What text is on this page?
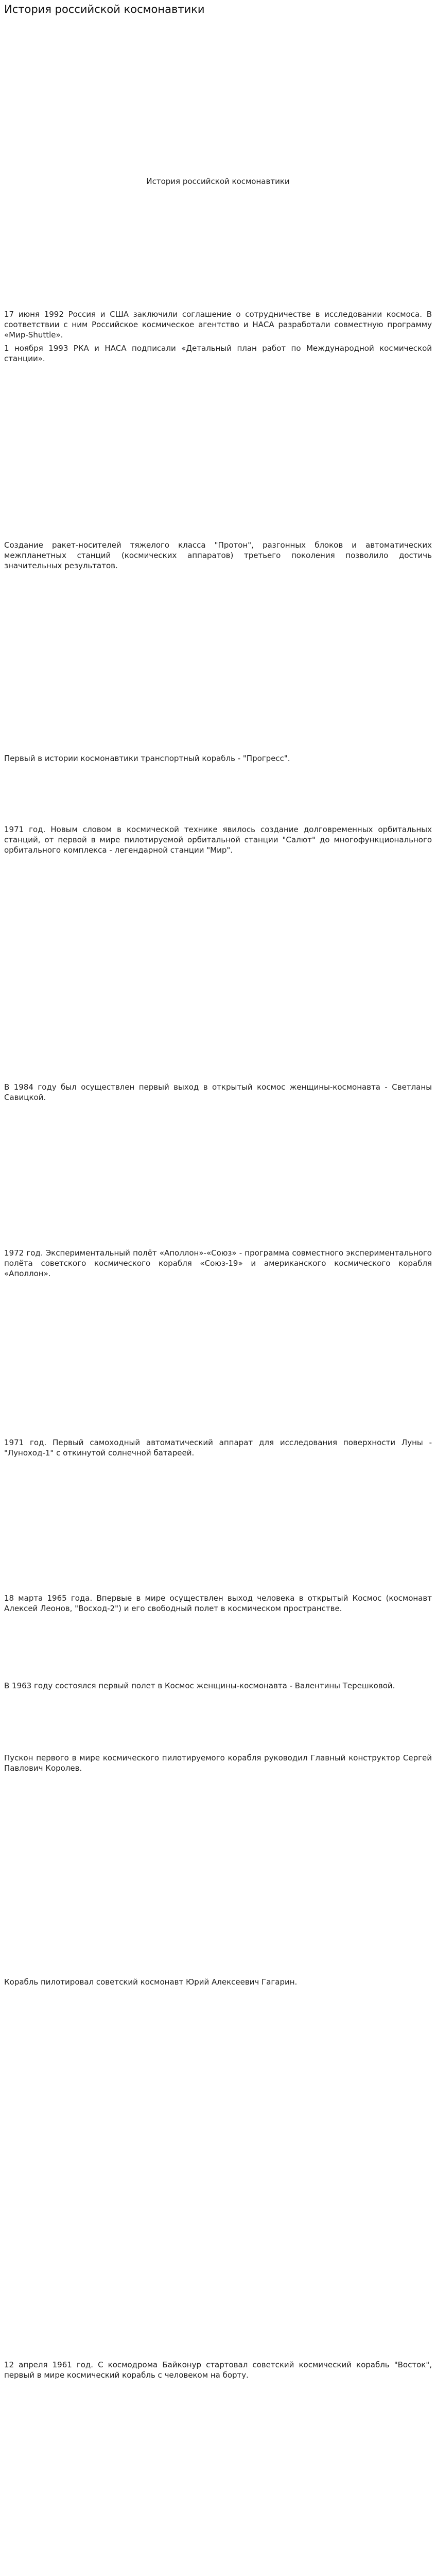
История российской космонавтики
История российской космонавтики

17 июня 1992 Россия и США заключили соглашение о сотрудничестве в исследовании космоса. В соответствии с ним Российское космическое агентство и НАСА разработали совместную программу «Мир-Shuttle».

1 ноября 1993 РКА и НАСА подписали «Детальный план работ по Международной космической станции».

Создание ракет-носителей тяжелого класса "Протон", разгонных блоков и автоматических межпланетных станций (космических аппаратов) третьего поколения позволило достичь значительных результатов.

Первый в истории космонавтики транспортный корабль - "Прогресс".

1971 год. Новым словом в космической технике явилось создание долговременных орбитальных станций, от первой в мире пилотируемой орбитальной станции "Салют" до многофункционального орбитального комплекса - легендарной станции "Мир".

В 1984 году был осуществлен первый выход в открытый космос женщины-космонавта - Светланы Савицкой.

1972 год. Экспериментальный полёт «Аполлон»-«Союз» - программа совместного экспериментального полёта советского космического корабля «Союз-19» и американского космического корабля «Аполлон».

1971 год. Первый самоходный автоматический аппарат для исследования поверхности Луны - "Луноход-1" с откинутой солнечной батареей.

18 марта 1965 года. Впервые в мире осуществлен выход человека в открытый Космос (космонавт Алексей Леонов, "Восход-2") и его свободный полет в космическом пространстве.

В 1963 году состоялся первый полет в Космос женщины-космонавта - Валентины Терешковой.

Пускон первого в мире космического пилотируемого корабля руководил Главный конструктор Сергей Павлович Королев.

Корабль пилотировал советский космонавт Юрий Алексеевич Гагарин.

12 апреля 1961 год. С космодрома Байконур стартовал советский космический корабль "Восток", первый в мире космический корабль с человеком на борту.
